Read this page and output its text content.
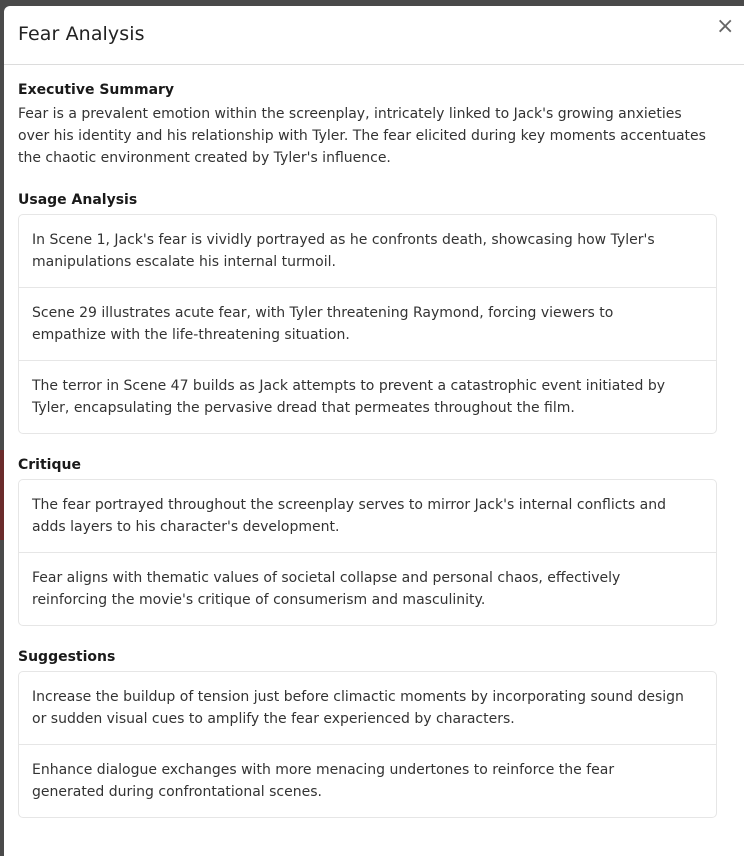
Fear Analysis	×
Executive Summary

Fear is a prevalent emotion within the screenplay, intricately linked to Jack's growing anxieties over his identity and his relationship with Tyler. The fear elicited during key moments accentuates the chaotic environment created by Tyler's influence.

Usage Analysis
In Scene 1, Jack's fear is vividly portrayed as he confronts death, showcasing how Tyler's manipulations escalate his internal turmoil.
Scene 29 illustrates acute fear, with Tyler threatening Raymond, forcing viewers to empathize with the life-threatening situation.
The terror in Scene 47 builds as Jack attempts to prevent a catastrophic event initiated by Tyler, encapsulating the pervasive dread that permeates throughout the film.
Critique
The fear portrayed throughout the screenplay serves to mirror Jack's internal conflicts and adds layers to his character's development.
Fear aligns with thematic values of societal collapse and personal chaos, effectively reinforcing the movie's critique of consumerism and masculinity.
Suggestions
Increase the buildup of tension just before climactic moments by incorporating sound design or sudden visual cues to amplify the fear experienced by characters.
Enhance dialogue exchanges with more menacing undertones to reinforce the fear generated during confrontational scenes.
